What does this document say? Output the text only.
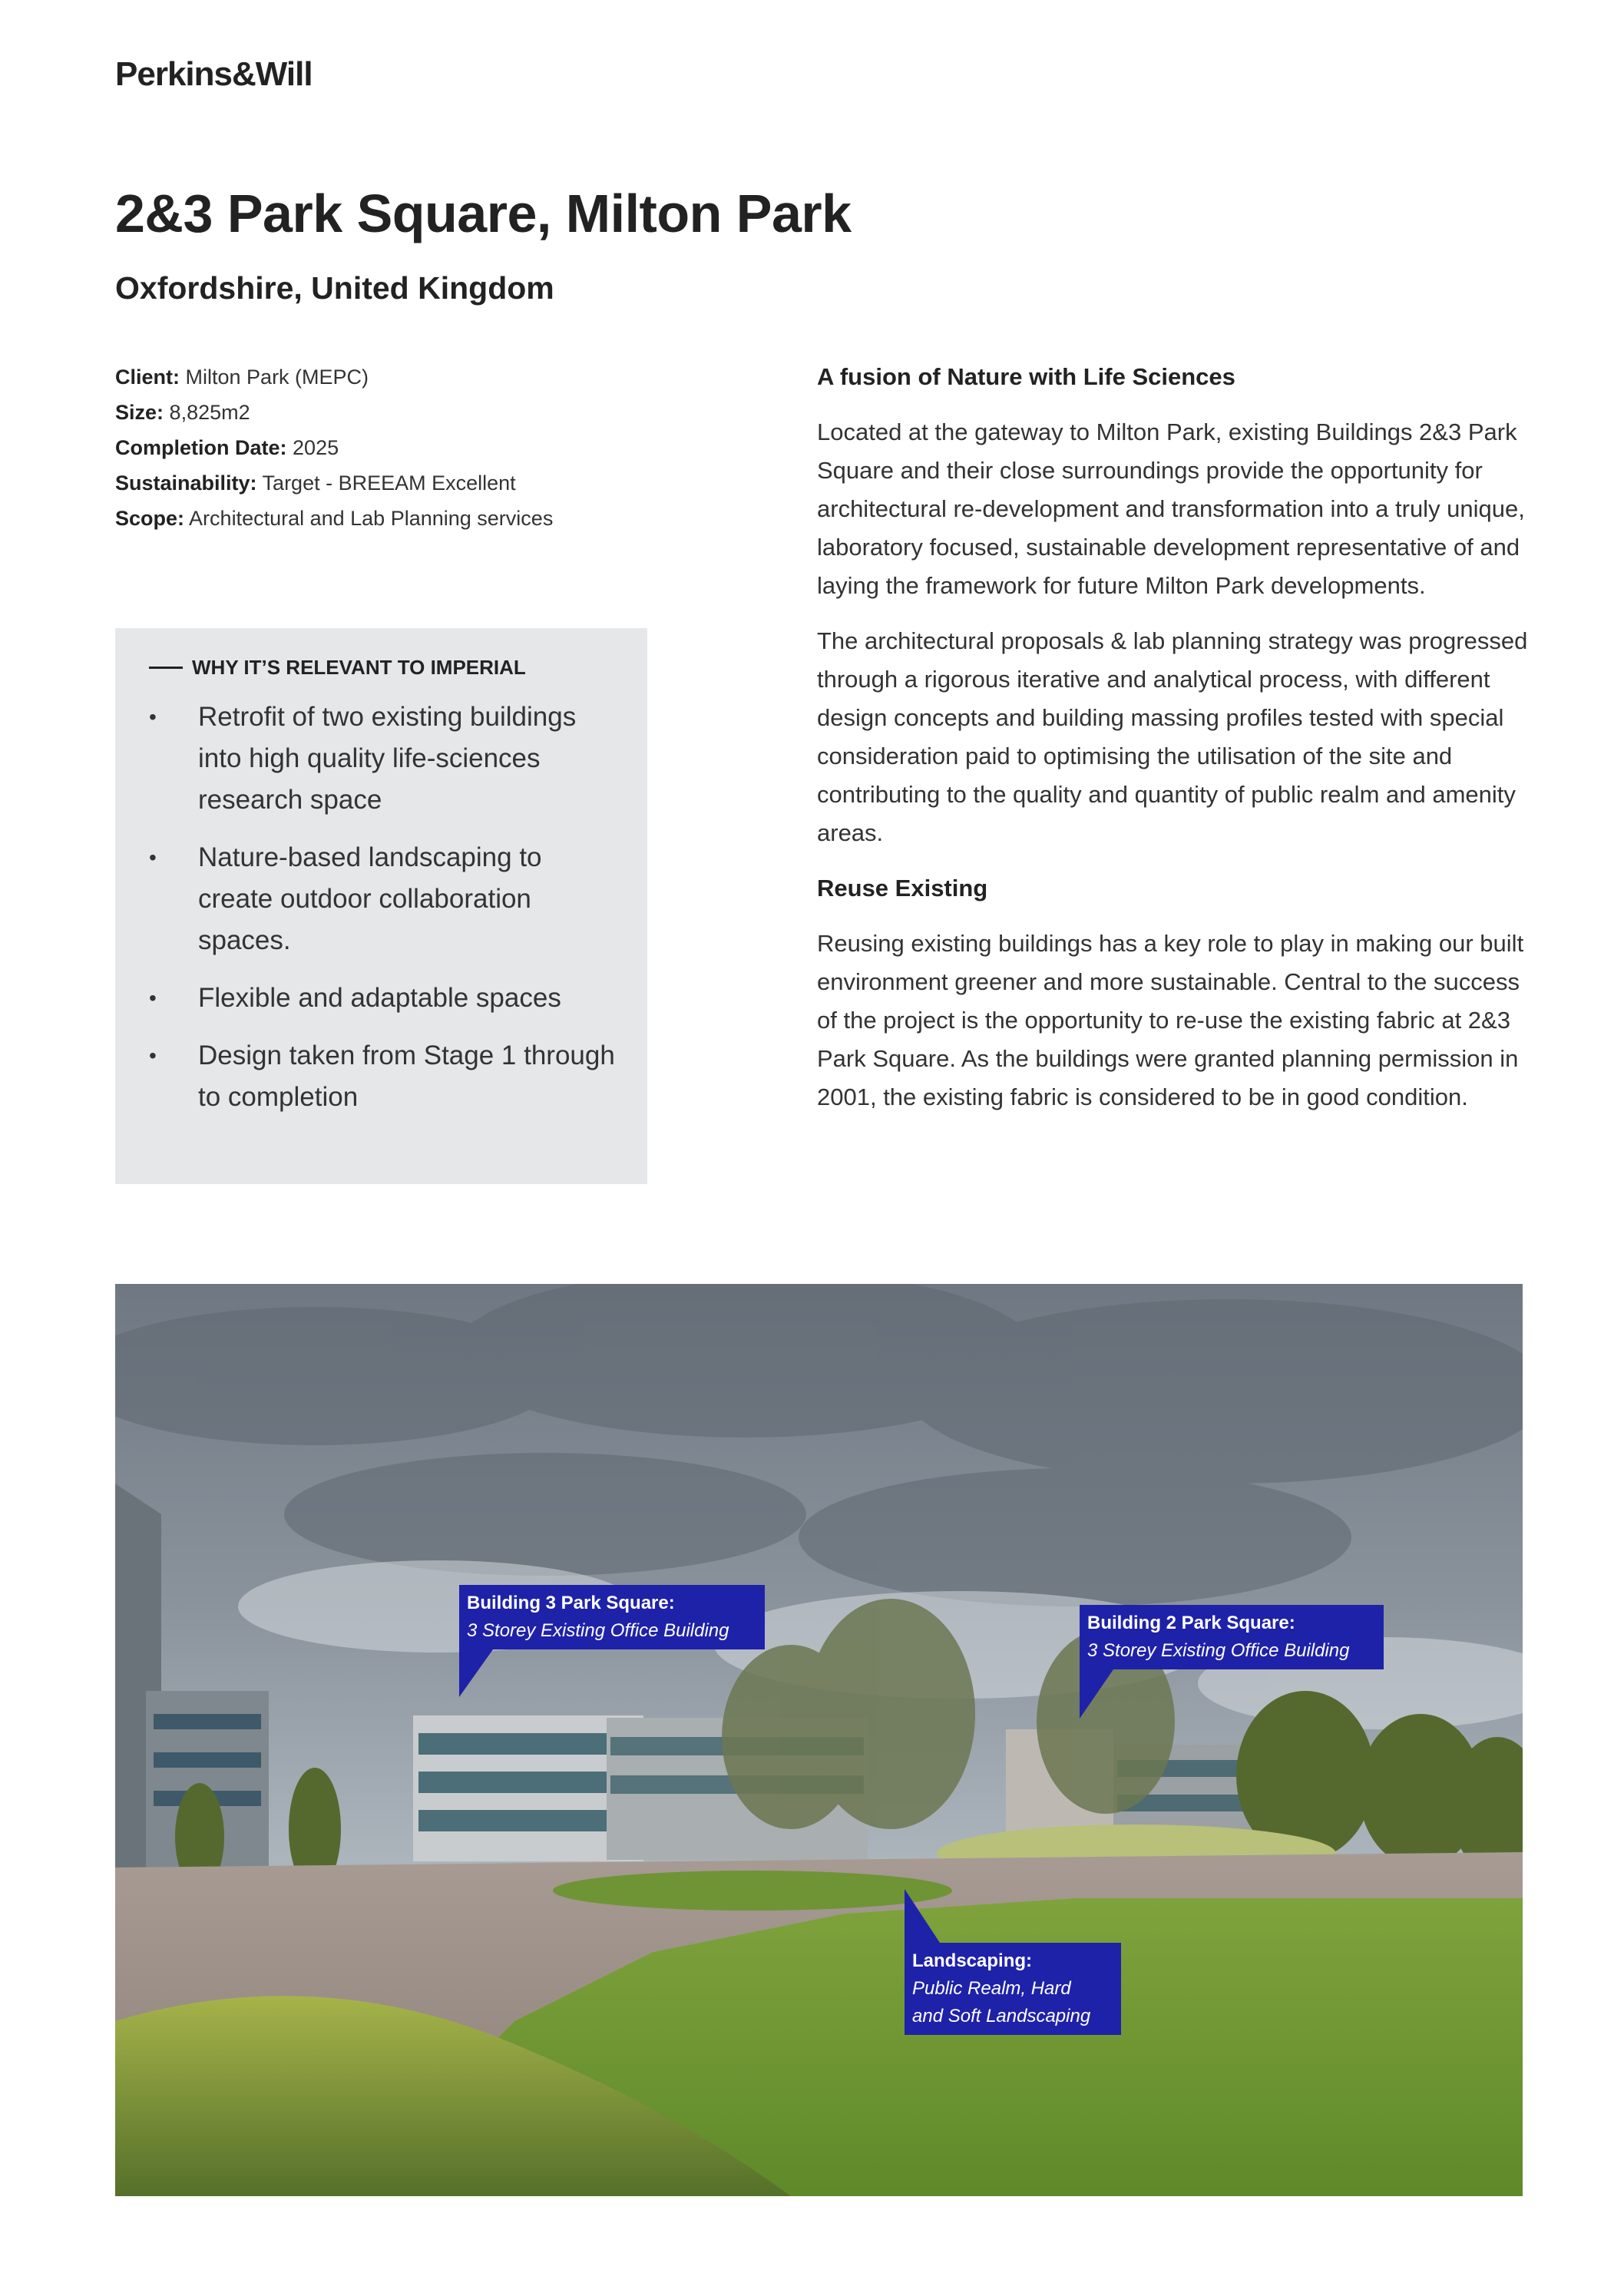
Perkins&Will
2&3 Park Square, Milton Park
Oxfordshire, United Kingdom
Client: Milton Park (MEPC)
Size: 8,825m2
Completion Date: 2025
Sustainability: Target - BREEAM Excellent
Scope: Architectural and Lab Planning services
WHY IT’S RELEVANT TO IMPERIAL
• Retrofit of two existing buildings into high quality life-sciences research space
• Nature-based landscaping to create outdoor collaboration spaces.
• Flexible and adaptable spaces
• Design taken from Stage 1 through to completion
A fusion of Nature with Life Sciences

Located at the gateway to Milton Park, existing Buildings 2&3 Park Square and their close surroundings provide the opportunity for architectural re-development and transformation into a truly unique, laboratory focused, sustainable development representative of and laying the framework for future Milton Park developments.

The architectural proposals & lab planning strategy was progressed through a rigorous iterative and analytical process, with different design concepts and building massing profiles tested with special consideration paid to optimising the utilisation of the site and contributing to the quality and quantity of public realm and amenity areas.

Reuse Existing

Reusing existing buildings has a key role to play in making our built environment greener and more sustainable. Central to the success of the project is the opportunity to re-use the existing fabric at 2&3 Park Square. As the buildings were granted planning permission in 2001, the existing fabric is considered to be in good condition.

Building 3 Park Square:
3 Storey Existing Office Building	Building 2 Park Square:
3 Storey Existing Office Building
Landscaping:
Public Realm, Hard
and Soft Landscaping
